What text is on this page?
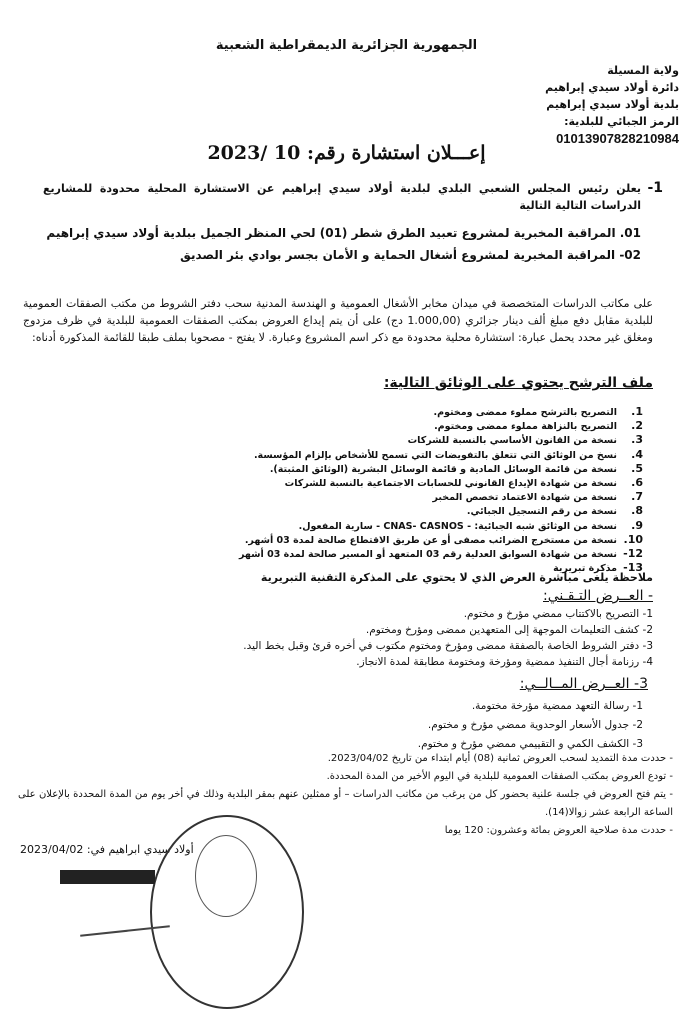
الجمهورية الجزائرية الديمقراطية الشعبية
ولاية المسيلة
دائرة أولاد سيدي إبراهيم
بلدية أولاد سيدي إبراهيم
الرمز الجبائي للبلدية:
01013907828210984
إعـــلان استشارة رقم: 10 /2023
1-
يعلن رئيس المجلس الشعبي البلدي لبلدية أولاد سيدي إبراهيم عن الاستشارة المحلية محدودة للمشاريع الدراسات التالية التالية
01. المراقبة المخبرية لمشروع تعبيد الطرق شطر (01) لحي المنظر الجميل ببلدية أولاد سيدي إبراهيم
02- المراقبة المخبرية لمشروع أشغال الحماية و الأمان بجسر بوادي بئر الصديق
على مكاتب الدراسات المتخصصة في ميدان مخابر الأشغال العمومية و الهندسة المدنية سحب دفتر الشروط من مكتب الصفقات العمومية للبلدية مقابل دفع مبلغ ألف دينار جزائري (1.000,00 دج) على أن يتم إيداع العروض بمكتب الصفقات العمومية للبلدية في ظرف مزدوج ومغلق غير محدد يحمل عبارة: استشارة محلية محدودة مع ذكر اسم المشروع وعبارة. لا يفتح - مصحوبا بملف طبقا للقائمة المذكورة أدناه:
ملف الترشح يحتوي على الوثائق التالية:
1.التصريح بالترشح مملوء ممضى ومختوم.
2.التصريح بالنزاهة مملوء ممضى ومختوم.
3.نسخة من القانون الأساسي بالنسبة للشركات
4.نسخ من الوثائق التي تتعلق بالتفويضات التي تسمح للأشخاص بإلزام المؤسسة.
5.نسخة من قائمة الوسائل المادية و قائمة الوسائل البشرية (الوثائق المثبتة).
6.نسخة من شهادة الإيداع القانوني للحسابات الاجتماعية بالنسبة للشركات
7.نسخة من شهادة الاعتماد تخصص المخبر
8.نسخة من رقم التسجيل الجبائي.
9.نسخة من الوثائق شبه الجبائية: - CNAS- CASNOS - سارية المفعول.
10.نسخة من مستخرج الضرائب مصفى أو عن طريق الاقتطاع صالحة لمدة 03 أشهر.
12-نسخة من شهادة السوابق العدلية رقم 03 المتعهد أو المسير صالحة لمدة 03 أشهر
13-مذكرة تبريرية
ملاحظة يلغى مباشرة العرض الذي لا يحتوي على المذكرة التقنية التبريرية
- العــرض التـقـني:
1- التصريح بالاكتتاب ممضي مؤرخ و مختوم.
2- كشف التعليمات الموجهة إلى المتعهدين ممضى ومؤرخ ومختوم.
3- دفتر الشروط الخاصة بالصفقة ممضى ومؤرخ ومختوم مكتوب في أخره قرئ وقبل بخط اليد.
4- رزنامة أجال التنفيذ ممضية ومؤرخة ومختومة مطابقة لمدة الانجاز.
3- العــرض المــالــي:
1- رسالة التعهد ممضية مؤرخة مختومة.
2- جدول الأسعار الوحدوية ممضي مؤرخ و مختوم.
3- الكشف الكمي و التقييمي ممضي مؤرخ و مختوم.
- حددت مدة التمديد لسحب العروض ثمانية (08) أيام ابتداء من تاريخ 2023/04/02.
- تودع العروض بمكتب الصفقات العمومية للبلدية في اليوم الأخير من المدة المحددة.
- يتم فتح العروض في جلسة علنية بحضور كل من يرغب من مكاتب الدراسات – أو ممثلين عنهم بمقر البلدية وذلك في أخر يوم من المدة المحددة بالإعلان على الساعة الرابعة عشر زوالا(14).
- حددت مدة صلاحية العروض بمائة وعشرون: 120 يوما
أولاد سيدي ابراهيم في: 2023/04/02
